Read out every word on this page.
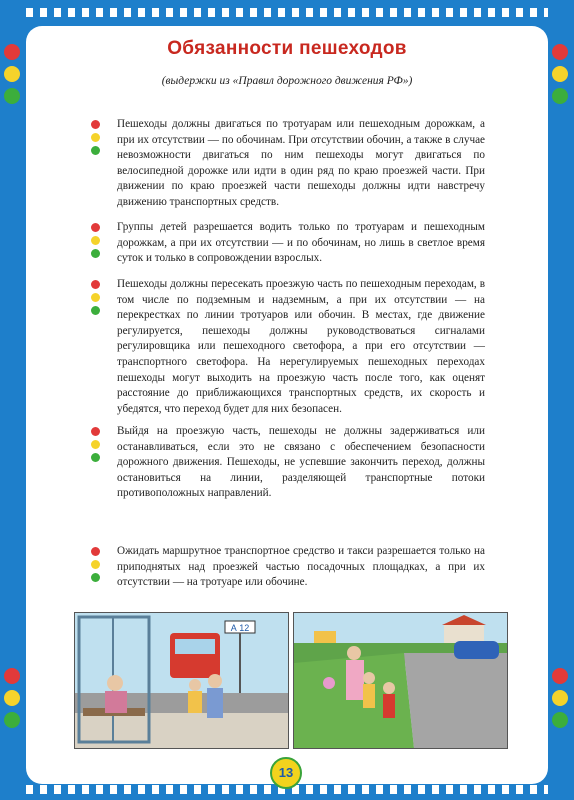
Обязанности пешеходов
(выдержки из «Правил дорожного движения РФ»)
Пешеходы должны двигаться по тротуарам или пешеходным дорожкам, а при их отсутствии — по обочинам. При отсутствии обочин, а также в случае невозможности двигаться по ним пешеходы могут двигаться по велосипедной дорожке или идти в один ряд по краю проезжей части. При движении по краю проезжей части пешеходы должны идти навстречу движению транспортных средств.
Группы детей разрешается водить только по тротуарам и пешеходным дорожкам, а при их отсутствии — и по обочинам, но лишь в светлое время суток и только в сопровождении взрослых.
Пешеходы должны пересекать проезжую часть по пешеходным переходам, в том числе по подземным и надземным, а при их отсутствии — на перекрестках по линии тротуаров или обочин. В местах, где движение регулируется, пешеходы должны руководствоваться сигналами регулировщика или пешеходного светофора, а при его отсутствии — транспортного светофора. На нерегулируемых пешеходных переходах пешеходы могут выходить на проезжую часть после того, как оценят расстояние до приближающихся транспортных средств, их скорость и убедятся, что переход будет для них безопасен.
Выйдя на проезжую часть, пешеходы не должны задерживаться или останавливаться, если это не связано с обеспечением безопасности дорожного движения. Пешеходы, не успевшие закончить переход, должны остановиться на линии, разделяющей транспортные потоки противоположных направлений.
Ожидать маршрутное транспортное средство и такси разрешается только на приподнятых над проезжей частью посадочных площадках, а при их отсутствии — на тротуаре или обочине.
А 12
13
